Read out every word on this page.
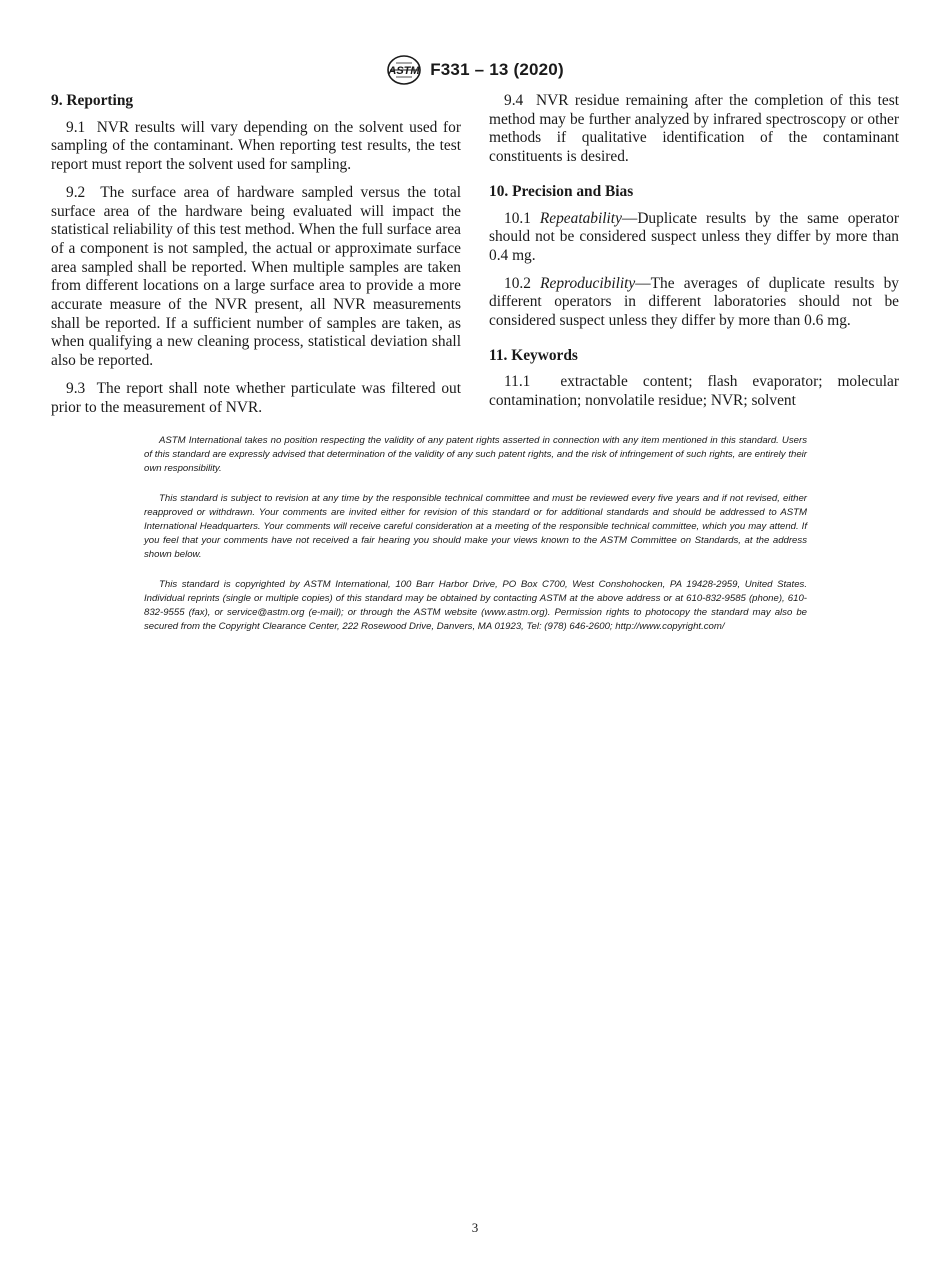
ASTM F331 – 13 (2020)
9. Reporting

9.1 NVR results will vary depending on the solvent used for sampling of the contaminant. When reporting test results, the test report must report the solvent used for sampling.

9.2 The surface area of hardware sampled versus the total surface area of the hardware being evaluated will impact the statistical reliability of this test method. When the full surface area of a component is not sampled, the actual or approximate surface area sampled shall be reported. When multiple samples are taken from different locations on a large surface area to provide a more accurate measure of the NVR present, all NVR measurements shall be reported. If a sufficient number of samples are taken, as when qualifying a new cleaning process, statistical deviation shall also be reported.

9.3 The report shall note whether particulate was filtered out prior to the measurement of NVR.

9.4 NVR residue remaining after the completion of this test method may be further analyzed by infrared spectroscopy or other methods if qualitative identification of the contaminant constituents is desired.

10. Precision and Bias

10.1 Repeatability—Duplicate results by the same operator should not be considered suspect unless they differ by more than 0.4 mg.

10.2 Reproducibility—The averages of duplicate results by different operators in different laboratories should not be considered suspect unless they differ by more than 0.6 mg.

11. Keywords

11.1 extractable content; flash evaporator; molecular contamination; nonvolatile residue; NVR; solvent

ASTM International takes no position respecting the validity of any patent rights asserted in connection with any item mentioned in this standard. Users of this standard are expressly advised that determination of the validity of any such patent rights, and the risk of infringement of such rights, are entirely their own responsibility.

This standard is subject to revision at any time by the responsible technical committee and must be reviewed every five years and if not revised, either reapproved or withdrawn. Your comments are invited either for revision of this standard or for additional standards and should be addressed to ASTM International Headquarters. Your comments will receive careful consideration at a meeting of the responsible technical committee, which you may attend. If you feel that your comments have not received a fair hearing you should make your views known to the ASTM Committee on Standards, at the address shown below.

This standard is copyrighted by ASTM International, 100 Barr Harbor Drive, PO Box C700, West Conshohocken, PA 19428-2959, United States. Individual reprints (single or multiple copies) of this standard may be obtained by contacting ASTM at the above address or at 610-832-9585 (phone), 610-832-9555 (fax), or service@astm.org (e-mail); or through the ASTM website (www.astm.org). Permission rights to photocopy the standard may also be secured from the Copyright Clearance Center, 222 Rosewood Drive, Danvers, MA 01923, Tel: (978) 646-2600; http://www.copyright.com/

3
